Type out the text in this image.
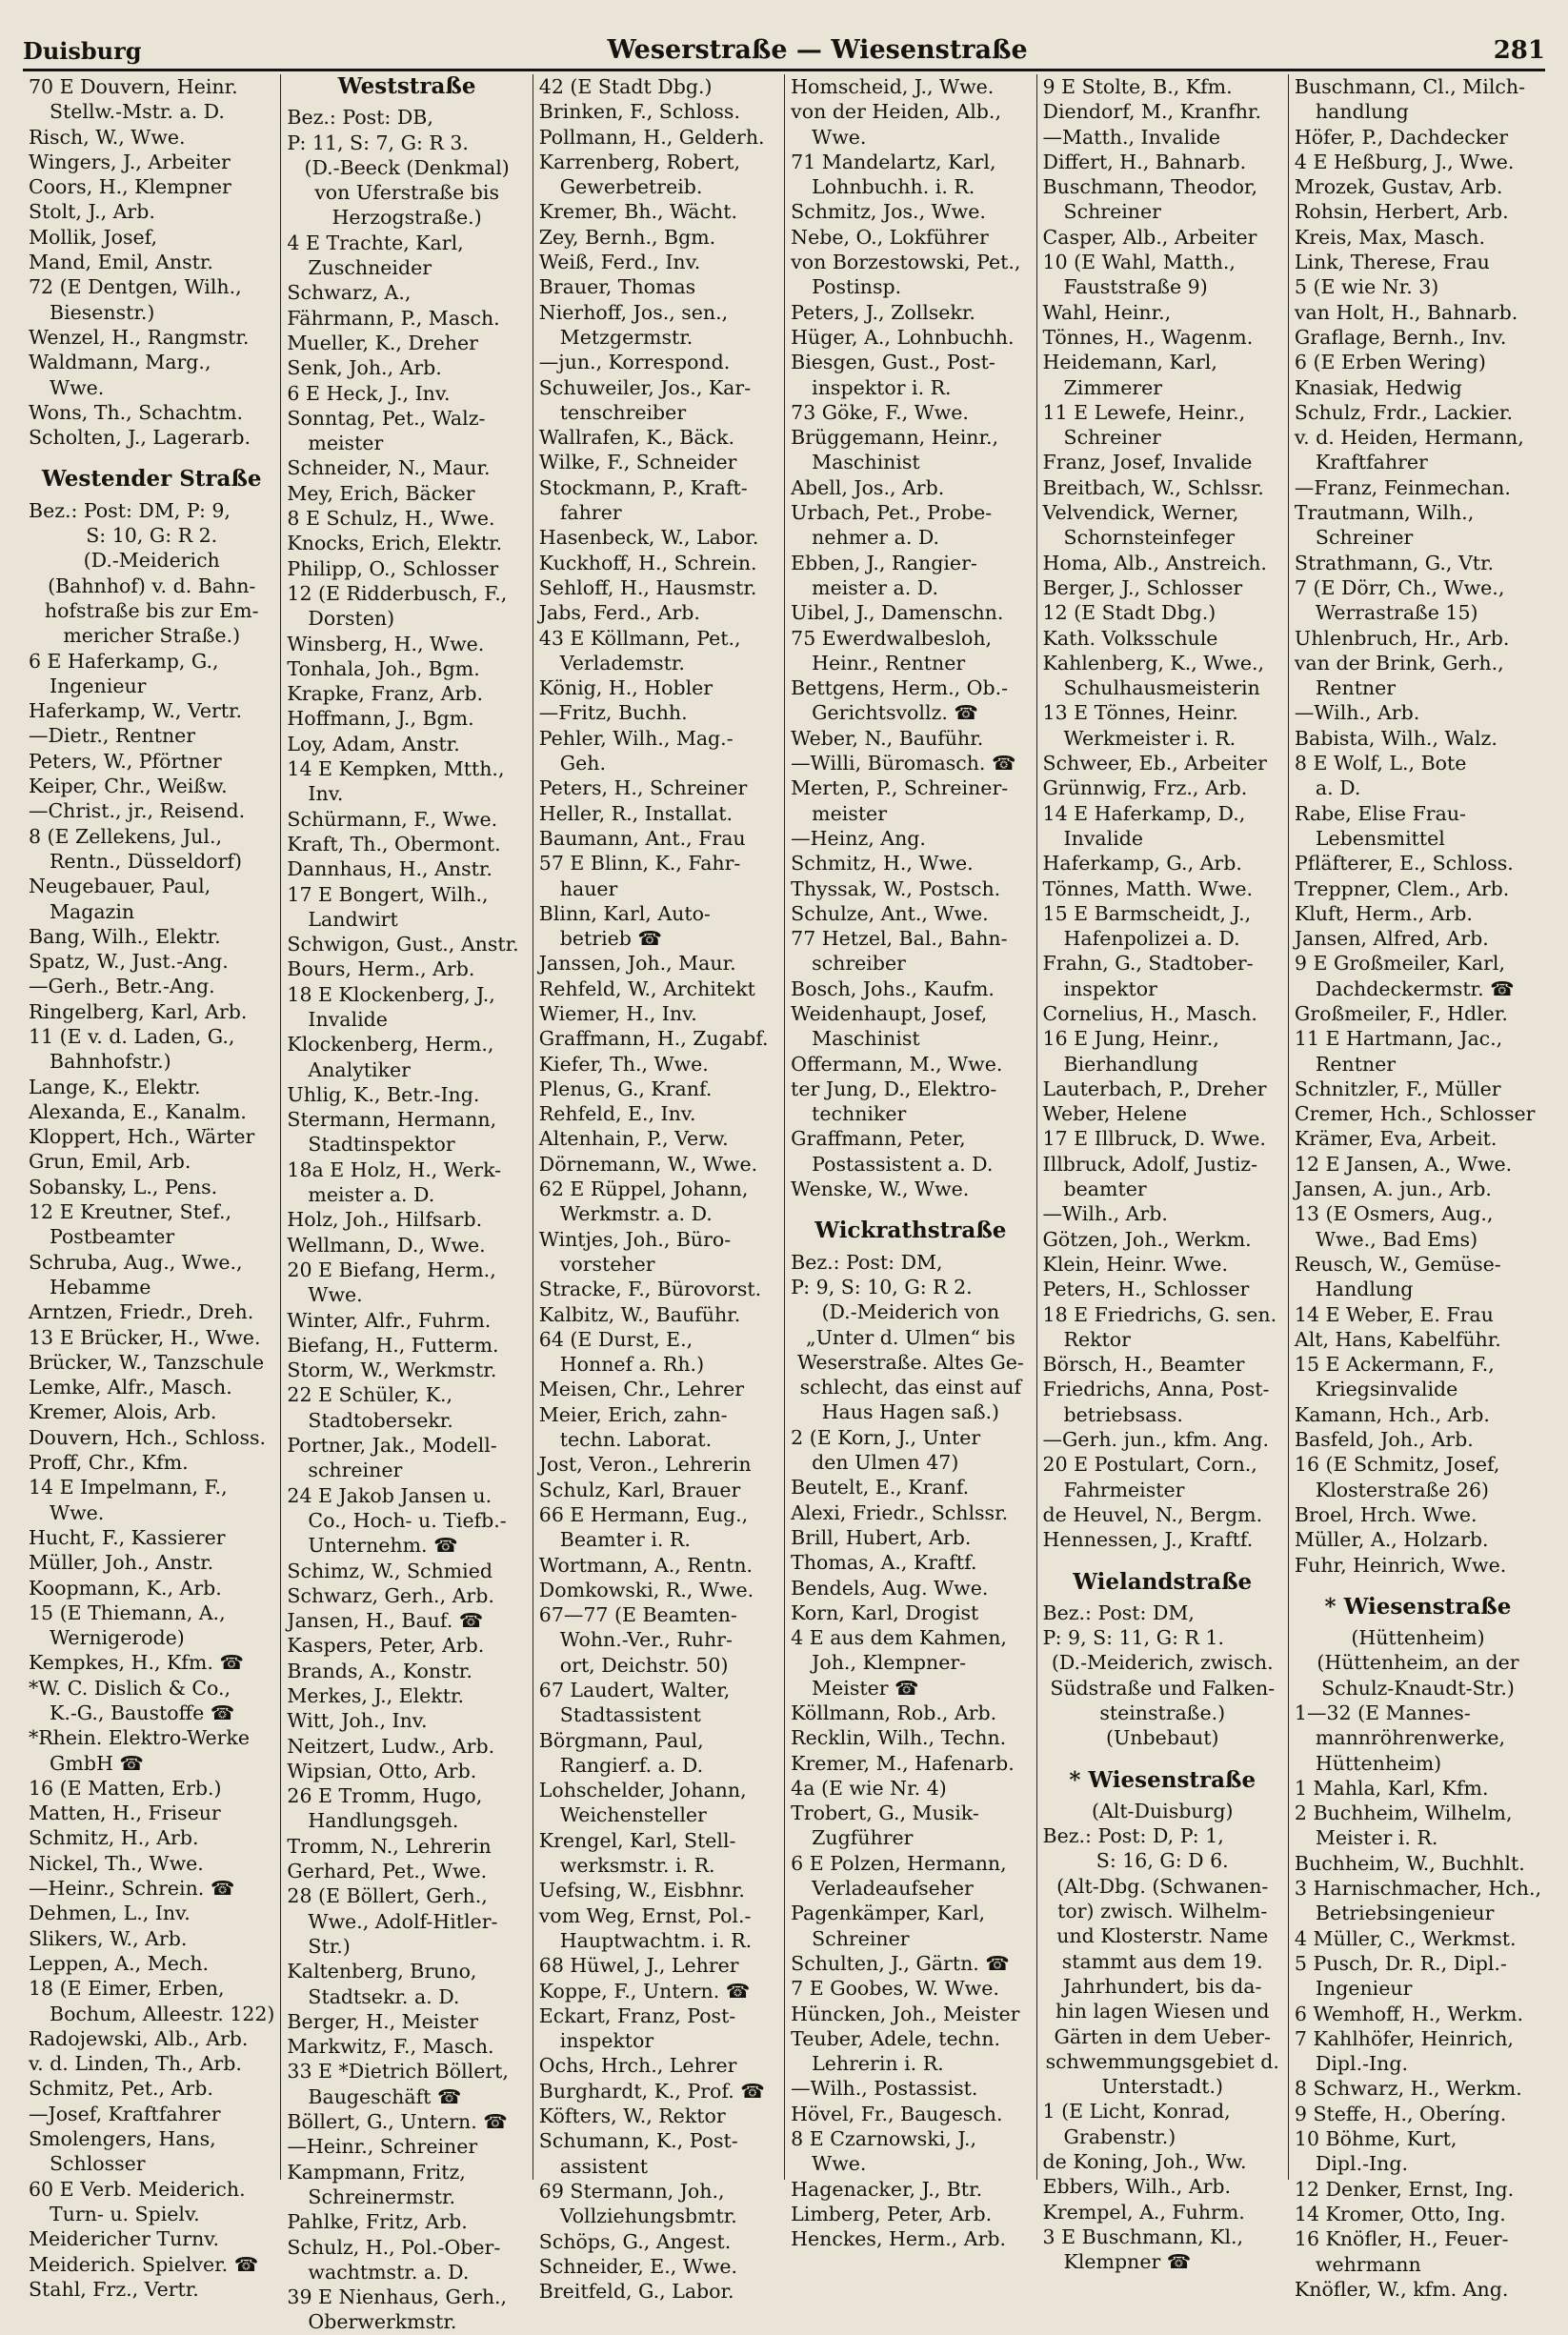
Duisburg	Weserstraße — Wiesenstraße	281
70 E Douvern, Heinr.
Stellw.-Mstr. a. D.
Risch, W., Wwe.
Wingers, J., Arbeiter
Coors, H., Klempner
Stolt, J., Arb.
Mollik, Josef,
Mand, Emil, Anstr.
72 (E Dentgen, Wilh.,
Biesenstr.)
Wenzel, H., Rangmstr.
Waldmann, Marg.,
Wwe.
Wons, Th., Schachtm.
Scholten, J., Lagerarb.
Westender Straße
Bez.: Post: DM, P: 9,
S: 10, G: R 2.
(D.-Meiderich
(Bahnhof) v. d. Bahn-
hofstraße bis zur Em-
mericher Straße.)
6 E Haferkamp, G.,
Ingenieur
Haferkamp, W., Vertr.
—Dietr., Rentner
Peters, W., Pförtner
Keiper, Chr., Weißw.
—Christ., jr., Reisend.
8 (E Zellekens, Jul.,
Rentn., Düsseldorf)
Neugebauer, Paul,
Magazin
Bang, Wilh., Elektr.
Spatz, W., Just.-Ang.
—Gerh., Betr.-Ang.
Ringelberg, Karl, Arb.
11 (E v. d. Laden, G.,
Bahnhofstr.)
Lange, K., Elektr.
Alexanda, E., Kanalm.
Kloppert, Hch., Wärter
Grun, Emil, Arb.
Sobansky, L., Pens.
12 E Kreutner, Stef.,
Postbeamter
Schruba, Aug., Wwe.,
Hebamme
Arntzen, Friedr., Dreh.
13 E Brücker, H., Wwe.
Brücker, W., Tanzschule
Lemke, Alfr., Masch.
Kremer, Alois, Arb.
Douvern, Hch., Schloss.
Proff, Chr., Kfm.
14 E Impelmann, F.,
Wwe.
Hucht, F., Kassierer
Müller, Joh., Anstr.
Koopmann, K., Arb.
15 (E Thiemann, A.,
Wernigerode)
Kempkes, H., Kfm. ☎
*W. C. Dislich & Co.,
K.-G., Baustoffe ☎
*Rhein. Elektro-Werke
GmbH ☎
16 (E Matten, Erb.)
Matten, H., Friseur
Schmitz, H., Arb.
Nickel, Th., Wwe.
—Heinr., Schrein. ☎
Dehmen, L., Inv.
Slikers, W., Arb.
Leppen, A., Mech.
18 (E Eimer, Erben,
Bochum, Alleestr. 122)
Radojewski, Alb., Arb.
v. d. Linden, Th., Arb.
Schmitz, Pet., Arb.
—Josef, Kraftfahrer
Smolengers, Hans,
Schlosser
60 E Verb. Meiderich.
Turn- u. Spielv.
Meidericher Turnv.
Meiderich. Spielver. ☎
Stahl, Frz., Vertr.
Weststraße
Bez.: Post: DB,
P: 11, S: 7, G: R 3.
(D.-Beeck (Denkmal)
von Uferstraße bis
Herzogstraße.)
4 E Trachte, Karl,
Zuschneider
Schwarz, A.,
Fährmann, P., Masch.
Mueller, K., Dreher
Senk, Joh., Arb.
6 E Heck, J., Inv.
Sonntag, Pet., Walz-
meister
Schneider, N., Maur.
Mey, Erich, Bäcker
8 E Schulz, H., Wwe.
Knocks, Erich, Elektr.
Philipp, O., Schlosser
12 (E Ridderbusch, F.,
Dorsten)
Winsberg, H., Wwe.
Tonhala, Joh., Bgm.
Krapke, Franz, Arb.
Hoffmann, J., Bgm.
Loy, Adam, Anstr.
14 E Kempken, Mtth.,
Inv.
Schürmann, F., Wwe.
Kraft, Th., Obermont.
Dannhaus, H., Anstr.
17 E Bongert, Wilh.,
Landwirt
Schwigon, Gust., Anstr.
Bours, Herm., Arb.
18 E Klockenberg, J.,
Invalide
Klockenberg, Herm.,
Analytiker
Uhlig, K., Betr.-Ing.
Stermann, Hermann,
Stadtinspektor
18a E Holz, H., Werk-
meister a. D.
Holz, Joh., Hilfsarb.
Wellmann, D., Wwe.
20 E Biefang, Herm.,
Wwe.
Winter, Alfr., Fuhrm.
Biefang, H., Futterm.
Storm, W., Werkmstr.
22 E Schüler, K.,
Stadtobersekr.
Portner, Jak., Modell-
schreiner
24 E Jakob Jansen u.
Co., Hoch- u. Tiefb.-
Unternehm. ☎
Schimz, W., Schmied
Schwarz, Gerh., Arb.
Jansen, H., Bauf. ☎
Kaspers, Peter, Arb.
Brands, A., Konstr.
Merkes, J., Elektr.
Witt, Joh., Inv.
Neitzert, Ludw., Arb.
Wipsian, Otto, Arb.
26 E Tromm, Hugo,
Handlungsgeh.
Tromm, N., Lehrerin
Gerhard, Pet., Wwe.
28 (E Böllert, Gerh.,
Wwe., Adolf-Hitler-
Str.)
Kaltenberg, Bruno,
Stadtsekr. a. D.
Berger, H., Meister
Markwitz, F., Masch.
33 E *Dietrich Böllert,
Baugeschäft ☎
Böllert, G., Untern. ☎
—Heinr., Schreiner
Kampmann, Fritz,
Schreinermstr.
Pahlke, Fritz, Arb.
Schulz, H., Pol.-Ober-
wachtmstr. a. D.
39 E Nienhaus, Gerh.,
Oberwerkmstr.
42 (E Stadt Dbg.)
Brinken, F., Schloss.
Pollmann, H., Gelderh.
Karrenberg, Robert,
Gewerbetreib.
Kremer, Bh., Wächt.
Zey, Bernh., Bgm.
Weiß, Ferd., Inv.
Brauer, Thomas
Nierhoff, Jos., sen.,
Metzgermstr.
—jun., Korrespond.
Schuweiler, Jos., Kar-
tenschreiber
Wallrafen, K., Bäck.
Wilke, F., Schneider
Stockmann, P., Kraft-
fahrer
Hasenbeck, W., Labor.
Kuckhoff, H., Schrein.
Sehloff, H., Hausmstr.
Jabs, Ferd., Arb.
43 E Köllmann, Pet.,
Verlademstr.
König, H., Hobler
—Fritz, Buchh.
Pehler, Wilh., Mag.-
Geh.
Peters, H., Schreiner
Heller, R., Installat.
Baumann, Ant., Frau
57 E Blinn, K., Fahr-
hauer
Blinn, Karl, Auto-
betrieb ☎
Janssen, Joh., Maur.
Rehfeld, W., Architekt
Wiemer, H., Inv.
Graffmann, H., Zugabf.
Kiefer, Th., Wwe.
Plenus, G., Kranf.
Rehfeld, E., Inv.
Altenhain, P., Verw.
Dörnemann, W., Wwe.
62 E Rüppel, Johann,
Werkmstr. a. D.
Wintjes, Joh., Büro-
vorsteher
Stracke, F., Bürovorst.
Kalbitz, W., Bauführ.
64 (E Durst, E.,
Honnef a. Rh.)
Meisen, Chr., Lehrer
Meier, Erich, zahn-
techn. Laborat.
Jost, Veron., Lehrerin
Schulz, Karl, Brauer
66 E Hermann, Eug.,
Beamter i. R.
Wortmann, A., Rentn.
Domkowski, R., Wwe.
67—77 (E Beamten-
Wohn.-Ver., Ruhr-
ort, Deichstr. 50)
67 Laudert, Walter,
Stadtassistent
Börgmann, Paul,
Rangierf. a. D.
Lohschelder, Johann,
Weichensteller
Krengel, Karl, Stell-
werksmstr. i. R.
Uefsing, W., Eisbhnr.
vom Weg, Ernst, Pol.-
Hauptwachtm. i. R.
68 Hüwel, J., Lehrer
Koppe, F., Untern. ☎
Eckart, Franz, Post-
inspektor
Ochs, Hrch., Lehrer
Burghardt, K., Prof. ☎
Köfters, W., Rektor
Schumann, K., Post-
assistent
69 Stermann, Joh.,
Vollziehungsbmtr.
Schöps, G., Angest.
Schneider, E., Wwe.
Breitfeld, G., Labor.
Homscheid, J., Wwe.
von der Heiden, Alb.,
Wwe.
71 Mandelartz, Karl,
Lohnbuchh. i. R.
Schmitz, Jos., Wwe.
Nebe, O., Lokführer
von Borzestowski, Pet.,
Postinsp.
Peters, J., Zollsekr.
Hüger, A., Lohnbuchh.
Biesgen, Gust., Post-
inspektor i. R.
73 Göke, F., Wwe.
Brüggemann, Heinr.,
Maschinist
Abell, Jos., Arb.
Urbach, Pet., Probe-
nehmer a. D.
Ebben, J., Rangier-
meister a. D.
Uibel, J., Damenschn.
75 Ewerdwalbesloh,
Heinr., Rentner
Bettgens, Herm., Ob.-
Gerichtsvollz. ☎
Weber, N., Bauführ.
—Willi, Büromasch. ☎
Merten, P., Schreiner-
meister
—Heinz, Ang.
Schmitz, H., Wwe.
Thyssak, W., Postsch.
Schulze, Ant., Wwe.
77 Hetzel, Bal., Bahn-
schreiber
Bosch, Johs., Kaufm.
Weidenhaupt, Josef,
Maschinist
Offermann, M., Wwe.
ter Jung, D., Elektro-
techniker
Graffmann, Peter,
Postassistent a. D.
Wenske, W., Wwe.
Wickrathstraße
Bez.: Post: DM,
P: 9, S: 10, G: R 2.
(D.-Meiderich von
„Unter d. Ulmen“ bis
Weserstraße. Altes Ge-
schlecht, das einst auf
Haus Hagen saß.)
2 (E Korn, J., Unter
den Ulmen 47)
Beutelt, E., Kranf.
Alexi, Friedr., Schlssr.
Brill, Hubert, Arb.
Thomas, A., Kraftf.
Bendels, Aug. Wwe.
Korn, Karl, Drogist
4 E aus dem Kahmen,
Joh., Klempner-
Meister ☎
Köllmann, Rob., Arb.
Recklin, Wilh., Techn.
Kremer, M., Hafenarb.
4a (E wie Nr. 4)
Trobert, G., Musik-
Zugführer
6 E Polzen, Hermann,
Verladeaufseher
Pagenkämper, Karl,
Schreiner
Schulten, J., Gärtn. ☎
7 E Goobes, W. Wwe.
Hüncken, Joh., Meister
Teuber, Adele, techn.
Lehrerin i. R.
—Wilh., Postassist.
Hövel, Fr., Baugesch.
8 E Czarnowski, J.,
Wwe.
Hagenacker, J., Btr.
Limberg, Peter, Arb.
Henckes, Herm., Arb.
9 E Stolte, B., Kfm.
Diendorf, M., Kranfhr.
—Matth., Invalide
Differt, H., Bahnarb.
Buschmann, Theodor,
Schreiner
Casper, Alb., Arbeiter
10 (E Wahl, Matth.,
Fauststraße 9)
Wahl, Heinr.,
Tönnes, H., Wagenm.
Heidemann, Karl,
Zimmerer
11 E Lewefe, Heinr.,
Schreiner
Franz, Josef, Invalide
Breitbach, W., Schlssr.
Velvendick, Werner,
Schornsteinfeger
Homa, Alb., Anstreich.
Berger, J., Schlosser
12 (E Stadt Dbg.)
Kath. Volksschule
Kahlenberg, K., Wwe.,
Schulhausmeisterin
13 E Tönnes, Heinr.
Werkmeister i. R.
Schweer, Eb., Arbeiter
Grünnwig, Frz., Arb.
14 E Haferkamp, D.,
Invalide
Haferkamp, G., Arb.
Tönnes, Matth. Wwe.
15 E Barmscheidt, J.,
Hafenpolizei a. D.
Frahn, G., Stadtober-
inspektor
Cornelius, H., Masch.
16 E Jung, Heinr.,
Bierhandlung
Lauterbach, P., Dreher
Weber, Helene
17 E Illbruck, D. Wwe.
Illbruck, Adolf, Justiz-
beamter
—Wilh., Arb.
Götzen, Joh., Werkm.
Klein, Heinr. Wwe.
Peters, H., Schlosser
18 E Friedrichs, G. sen.
Rektor
Börsch, H., Beamter
Friedrichs, Anna, Post-
betriebsass.
—Gerh. jun., kfm. Ang.
20 E Postulart, Corn.,
Fahrmeister
de Heuvel, N., Bergm.
Hennessen, J., Kraftf.
Wielandstraße
Bez.: Post: DM,
P: 9, S: 11, G: R 1.
(D.-Meiderich, zwisch.
Südstraße und Falken-
steinstraße.)
(Unbebaut)
* Wiesenstraße
(Alt-Duisburg)
Bez.: Post: D, P: 1,
S: 16, G: D 6.
(Alt-Dbg. (Schwanen-
tor) zwisch. Wilhelm-
und Klosterstr. Name
stammt aus dem 19.
Jahrhundert, bis da-
hin lagen Wiesen und
Gärten in dem Ueber-
schwemmungsgebiet d.
Unterstadt.)
1 (E Licht, Konrad,
Grabenstr.)
de Koning, Joh., Ww.
Ebbers, Wilh., Arb.
Krempel, A., Fuhrm.
3 E Buschmann, Kl.,
Klempner ☎
Buschmann, Cl., Milch-
handlung
Höfer, P., Dachdecker
4 E Heßburg, J., Wwe.
Mrozek, Gustav, Arb.
Rohsin, Herbert, Arb.
Kreis, Max, Masch.
Link, Therese, Frau
5 (E wie Nr. 3)
van Holt, H., Bahnarb.
Graflage, Bernh., Inv.
6 (E Erben Wering)
Knasiak, Hedwig
Schulz, Frdr., Lackier.
v. d. Heiden, Hermann,
Kraftfahrer
—Franz, Feinmechan.
Trautmann, Wilh.,
Schreiner
Strathmann, G., Vtr.
7 (E Dörr, Ch., Wwe.,
Werrastraße 15)
Uhlenbruch, Hr., Arb.
van der Brink, Gerh.,
Rentner
—Wilh., Arb.
Babista, Wilh., Walz.
8 E Wolf, L., Bote
a. D.
Rabe, Elise Frau-
Lebensmittel
Pfläfterer, E., Schloss.
Treppner, Clem., Arb.
Kluft, Herm., Arb.
Jansen, Alfred, Arb.
9 E Großmeiler, Karl,
Dachdeckermstr. ☎
Großmeiler, F., Hdler.
11 E Hartmann, Jac.,
Rentner
Schnitzler, F., Müller
Cremer, Hch., Schlosser
Krämer, Eva, Arbeit.
12 E Jansen, A., Wwe.
Jansen, A. jun., Arb.
13 (E Osmers, Aug.,
Wwe., Bad Ems)
Reusch, W., Gemüse-
Handlung
14 E Weber, E. Frau
Alt, Hans, Kabelführ.
15 E Ackermann, F.,
Kriegsinvalide
Kamann, Hch., Arb.
Basfeld, Joh., Arb.
16 (E Schmitz, Josef,
Klosterstraße 26)
Broel, Hrch. Wwe.
Müller, A., Holzarb.
Fuhr, Heinrich, Wwe.
* Wiesenstraße
(Hüttenheim)
(Hüttenheim, an der
Schulz-Knaudt-Str.)
1—32 (E Mannes-
mannröhrenwerke,
Hüttenheim)
1 Mahla, Karl, Kfm.
2 Buchheim, Wilhelm,
Meister i. R.
Buchheim, W., Buchhlt.
3 Harnischmacher, Hch.,
Betriebsingenieur
4 Müller, C., Werkmst.
5 Pusch, Dr. R., Dipl.-
Ingenieur
6 Wemhoff, H., Werkm.
7 Kahlhöfer, Heinrich,
Dipl.-Ing.
8 Schwarz, H., Werkm.
9 Steffe, H., Oberíng.
10 Böhme, Kurt,
Dipl.-Ing.
12 Denker, Ernst, Ing.
14 Kromer, Otto, Ing.
16 Knöfler, H., Feuer-
wehrmann
Knöfler, W., kfm. Ang.
